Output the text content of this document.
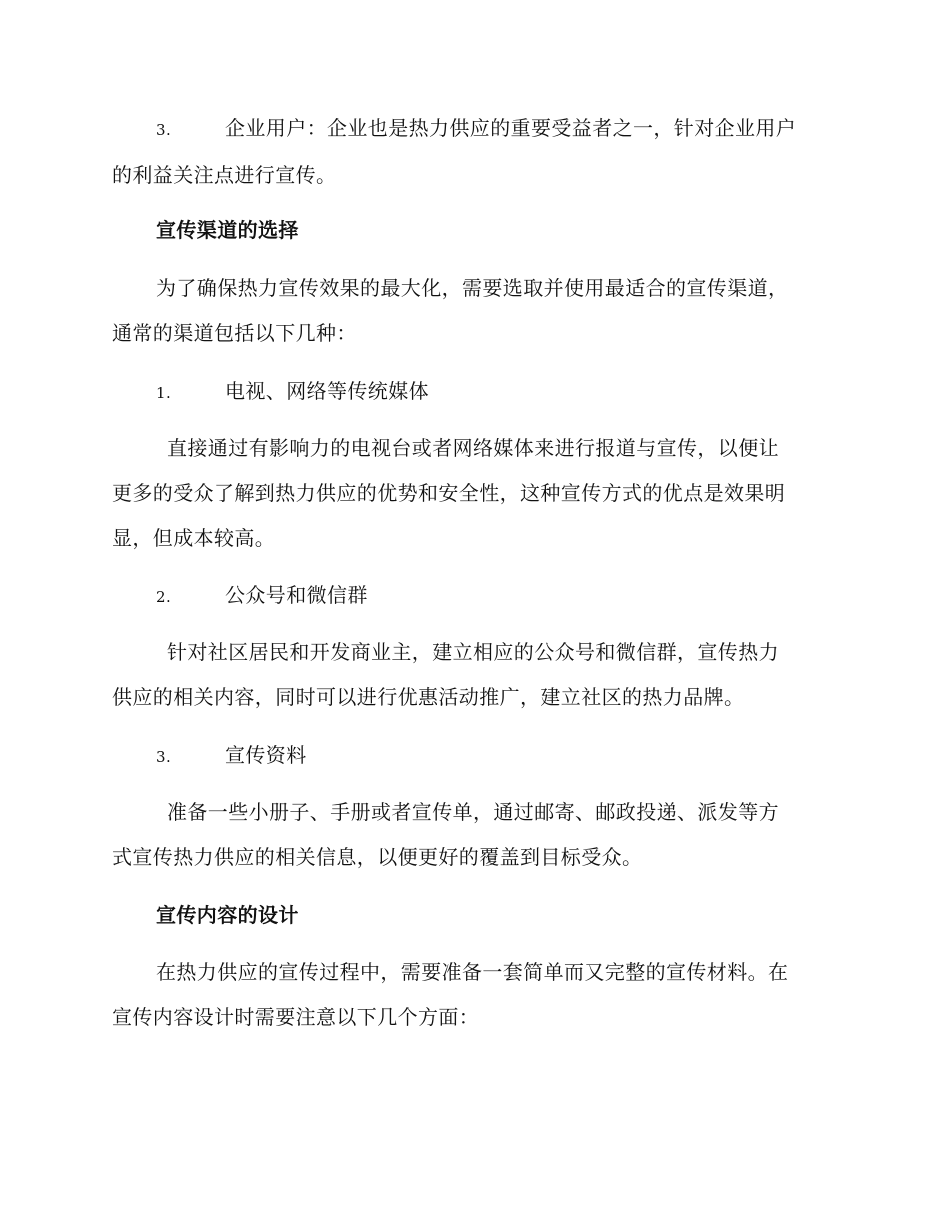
3.	企业用户：企业也是热力供应的重要受益者之一，针对企业用户
的利益关注点进行宣传。
宣传渠道的选择
为了确保热力宣传效果的最大化，需要选取并使用最适合的宣传渠道，
通常的渠道包括以下几种：
1.	电视、网络等传统媒体
直接通过有影响力的电视台或者网络媒体来进行报道与宣传，以便让
更多的受众了解到热力供应的优势和安全性，这种宣传方式的优点是效果明
显，但成本较高。
2.	公众号和微信群
针对社区居民和开发商业主，建立相应的公众号和微信群，宣传热力
供应的相关内容，同时可以进行优惠活动推广，建立社区的热力品牌。
3.	宣传资料
准备一些小册子、手册或者宣传单，通过邮寄、邮政投递、派发等方
式宣传热力供应的相关信息，以便更好的覆盖到目标受众。
宣传内容的设计
在热力供应的宣传过程中，需要准备一套简单而又完整的宣传材料。在
宣传内容设计时需要注意以下几个方面：
